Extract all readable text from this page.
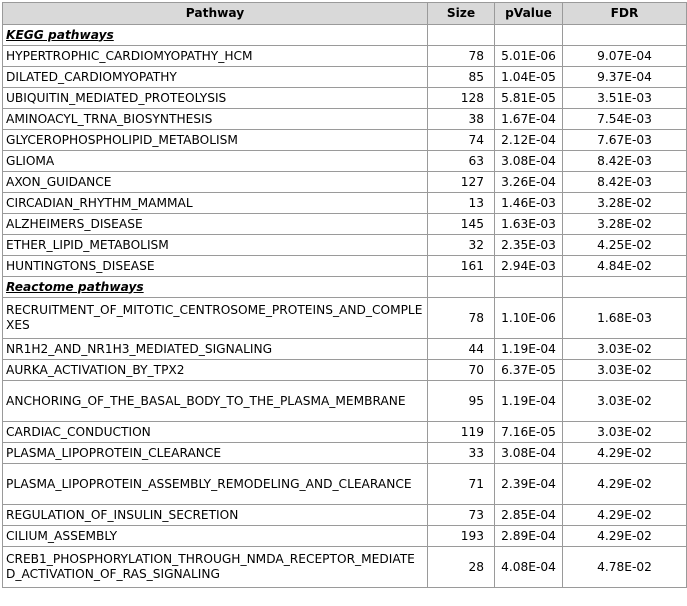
Pathway	Size	pValue	FDR
KEGG pathways			
HYPERTROPHIC_CARDIOMYOPATHY_HCM	78	5.01E-06	9.07E-04
DILATED_CARDIOMYOPATHY	85	1.04E-05	9.37E-04
UBIQUITIN_MEDIATED_PROTEOLYSIS	128	5.81E-05	3.51E-03
AMINOACYL_TRNA_BIOSYNTHESIS	38	1.67E-04	7.54E-03
GLYCEROPHOSPHOLIPID_METABOLISM	74	2.12E-04	7.67E-03
GLIOMA	63	3.08E-04	8.42E-03
AXON_GUIDANCE	127	3.26E-04	8.42E-03
CIRCADIAN_RHYTHM_MAMMAL	13	1.46E-03	3.28E-02
ALZHEIMERS_DISEASE	145	1.63E-03	3.28E-02
ETHER_LIPID_METABOLISM	32	2.35E-03	4.25E-02
HUNTINGTONS_DISEASE	161	2.94E-03	4.84E-02
Reactome pathways			
RECRUITMENT_OF_MITOTIC_CENTROSOME_PROTEINS_AND_COMPLEXES	78	1.10E-06	1.68E-03
NR1H2_AND_NR1H3_MEDIATED_SIGNALING	44	1.19E-04	3.03E-02
AURKA_ACTIVATION_BY_TPX2	70	6.37E-05	3.03E-02
ANCHORING_OF_THE_BASAL_BODY_TO_THE_PLASMA_MEMBRANE	95	1.19E-04	3.03E-02
CARDIAC_CONDUCTION	119	7.16E-05	3.03E-02
PLASMA_LIPOPROTEIN_CLEARANCE	33	3.08E-04	4.29E-02
PLASMA_LIPOPROTEIN_ASSEMBLY_REMODELING_AND_CLEARANCE	71	2.39E-04	4.29E-02
REGULATION_OF_INSULIN_SECRETION	73	2.85E-04	4.29E-02
CILIUM_ASSEMBLY	193	2.89E-04	4.29E-02
CREB1_PHOSPHORYLATION_THROUGH_NMDA_RECEPTOR_MEDIATED_ACTIVATION_OF_RAS_SIGNALING	28	4.08E-04	4.78E-02
